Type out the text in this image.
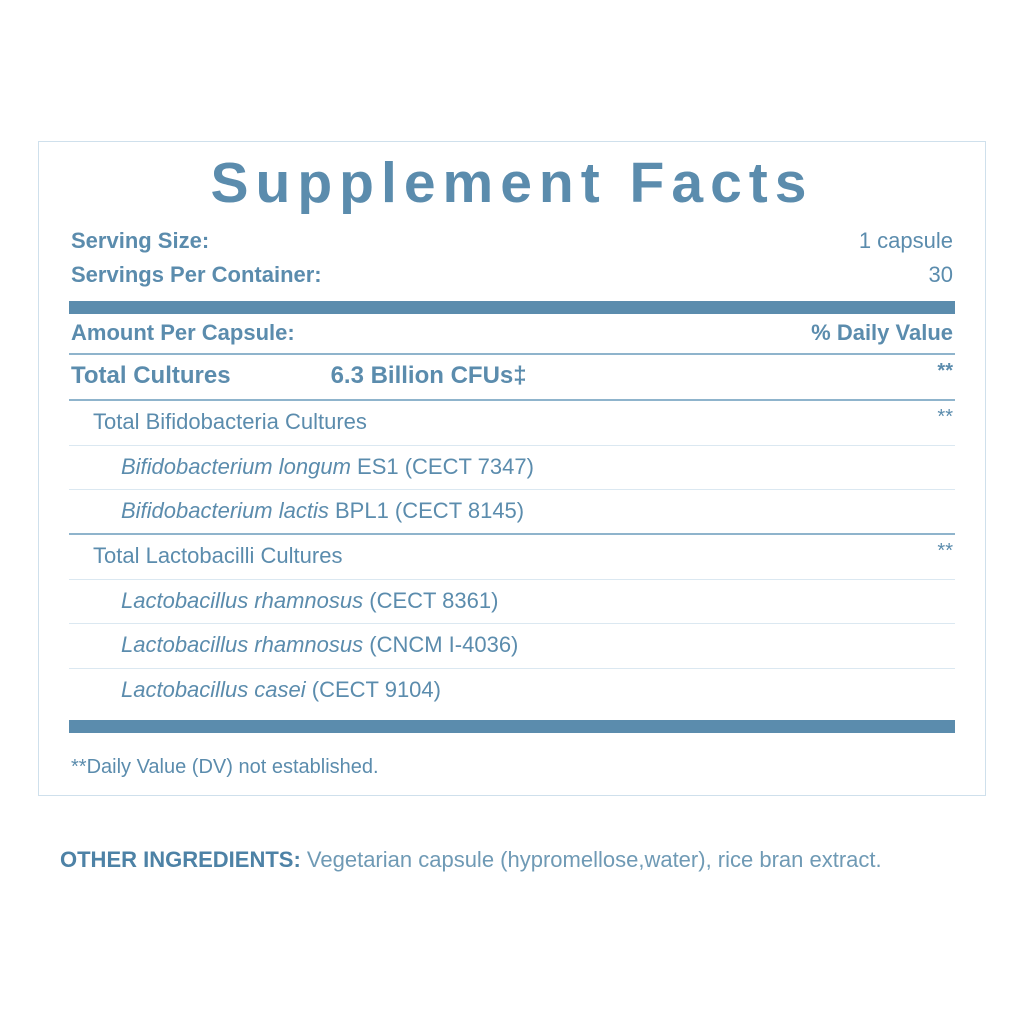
Supplement Facts
Serving Size:	1 capsule
Servings Per Container:	30
Amount Per Capsule:	% Daily Value
Total Cultures	6.3 Billion CFUs‡	**
Total Bifidobacteria Cultures	**
Bifidobacterium longum ES1 (CECT 7347)
Bifidobacterium lactis BPL1 (CECT 8145)
Total Lactobacilli Cultures	**
Lactobacillus rhamnosus (CECT 8361)
Lactobacillus rhamnosus (CNCM I-4036)
Lactobacillus casei (CECT 9104)
**Daily Value (DV) not established.
OTHER INGREDIENTS: Vegetarian capsule (hypromellose,water), rice bran extract.
